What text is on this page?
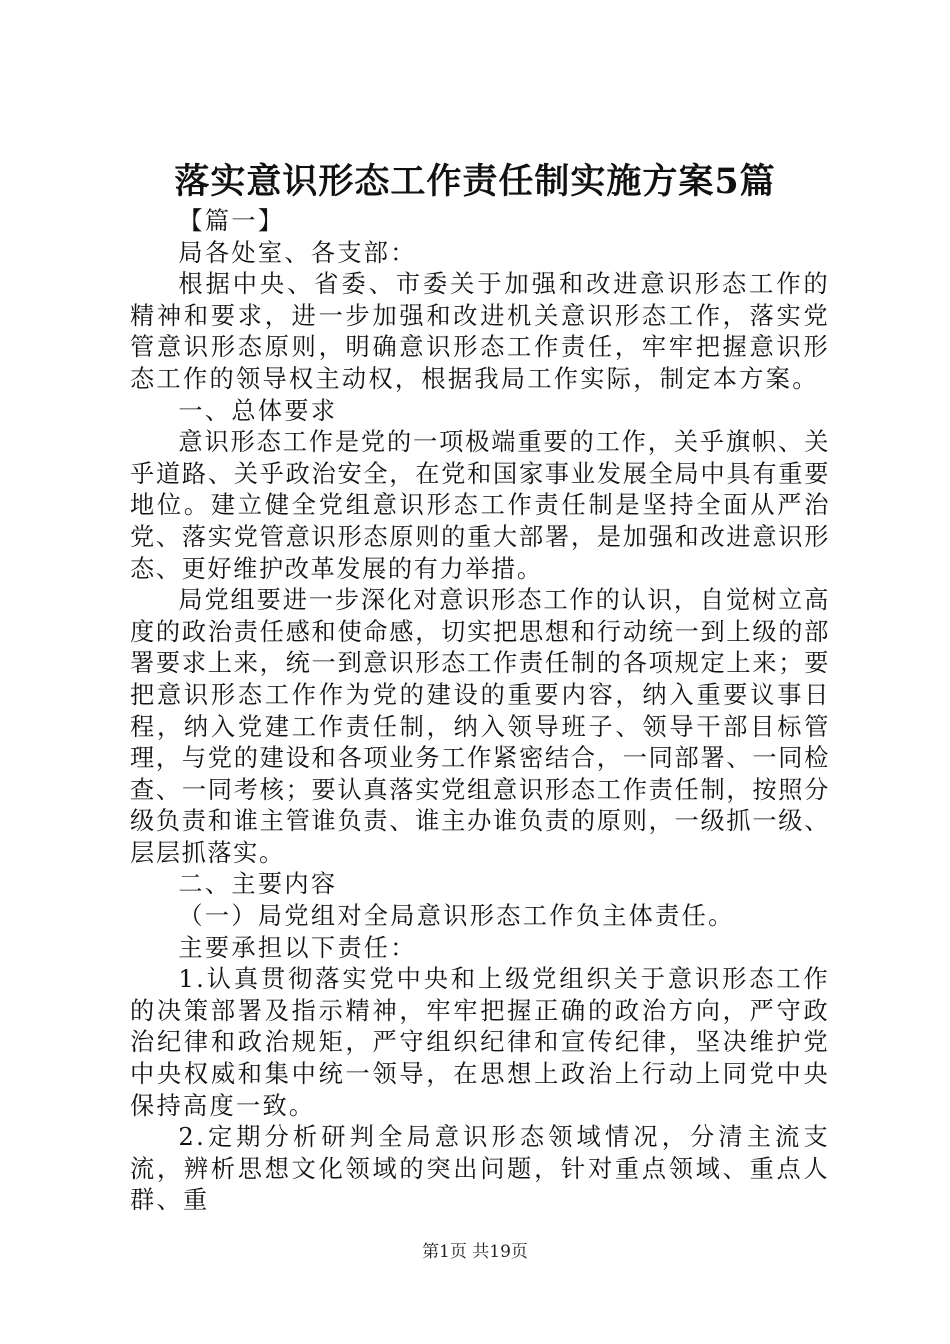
落实意识形态工作责任制实施方案5篇

【篇一】

局各处室、各支部：

根据中央、省委、市委关于加强和改进意识形态工作的精神和要求，进一步加强和改进机关意识形态工作，落实党管意识形态原则，明确意识形态工作责任，牢牢把握意识形态工作的领导权主动权，根据我局工作实际，制定本方案。

一、总体要求

意识形态工作是党的一项极端重要的工作，关乎旗帜、关乎道路、关乎政治安全，在党和国家事业发展全局中具有重要地位。建立健全党组意识形态工作责任制是坚持全面从严治党、落实党管意识形态原则的重大部署，是加强和改进意识形态、更好维护改革发展的有力举措。

局党组要进一步深化对意识形态工作的认识，自觉树立高度的政治责任感和使命感，切实把思想和行动统一到上级的部署要求上来，统一到意识形态工作责任制的各项规定上来；要把意识形态工作作为党的建设的重要内容，纳入重要议事日程，纳入党建工作责任制，纳入领导班子、领导干部目标管理，与党的建设和各项业务工作紧密结合，一同部署、一同检查、一同考核；要认真落实党组意识形态工作责任制，按照分级负责和谁主管谁负责、谁主办谁负责的原则，一级抓一级、层层抓落实。

二、主要内容

（一）局党组对全局意识形态工作负主体责任。

主要承担以下责任：

1.认真贯彻落实党中央和上级党组织关于意识形态工作的决策部署及指示精神，牢牢把握正确的政治方向，严守政治纪律和政治规矩，严守组织纪律和宣传纪律，坚决维护党中央权威和集中统一领导，在思想上政治上行动上同党中央保持高度一致。

2.定期分析研判全局意识形态领域情况，分清主流支流，辨析思想文化领域的突出问题，针对重点领域、重点人群、重

第1页 共19页
